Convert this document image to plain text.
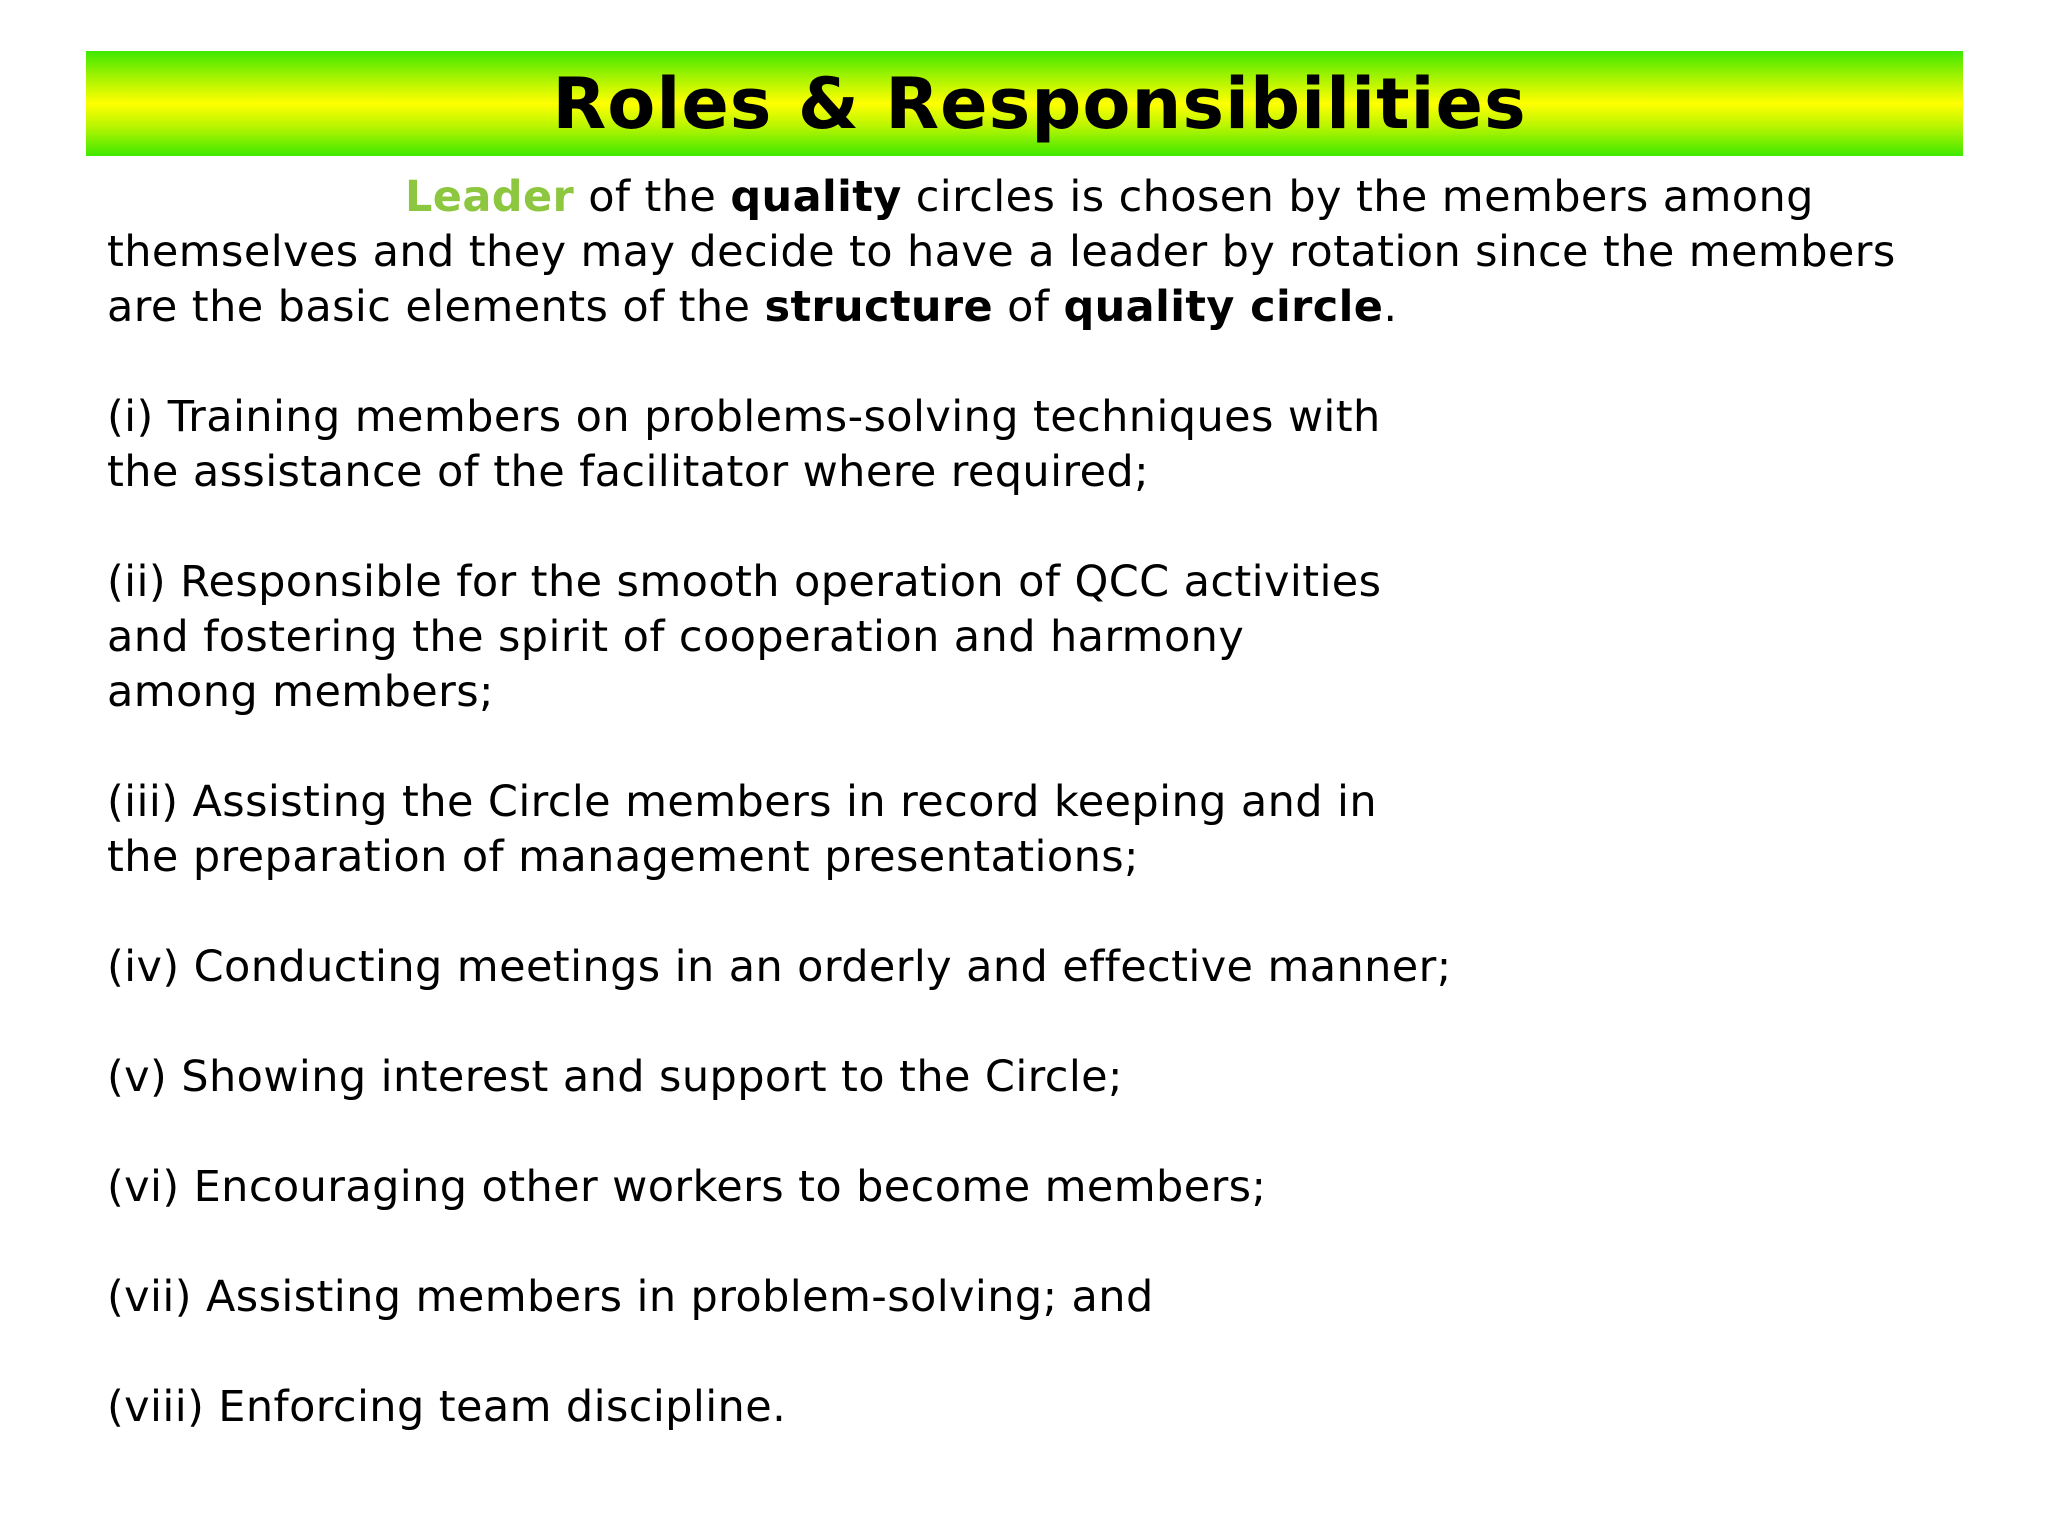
Roles & Responsibilities

Leader of the quality circles is chosen by the members among themselves and they may decide to have a leader by rotation since the members are the basic elements of the structure of quality circle.

(i) Training members on problems-solving techniques with
the assistance of the facilitator where required;

(ii) Responsible for the smooth operation of QCC activities
and fostering the spirit of cooperation and harmony
among members;

(iii) Assisting the Circle members in record keeping and in
the preparation of management presentations;

(iv) Conducting meetings in an orderly and effective manner;

(v) Showing interest and support to the Circle;

(vi) Encouraging other workers to become members;

(vii) Assisting members in problem-solving; and

(viii) Enforcing team discipline.
